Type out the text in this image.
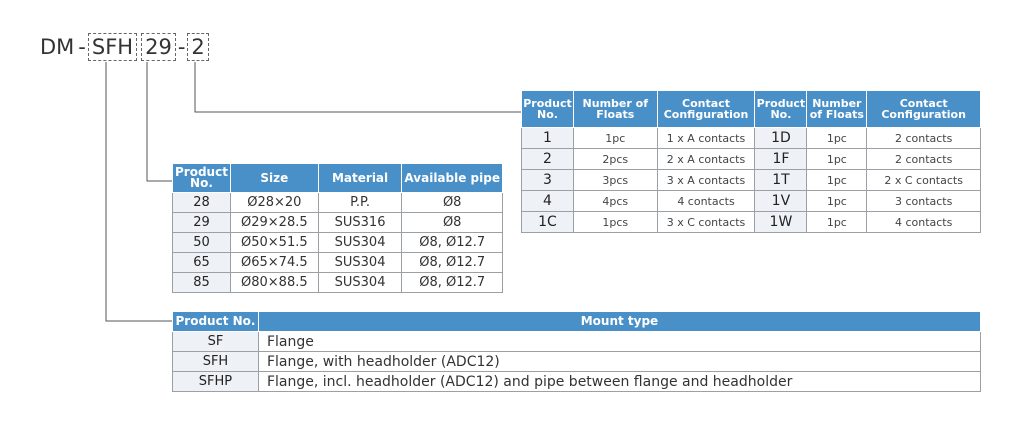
DM - SFH 29 - 2
Product No.	Size	Material	Available pipe
28	Ø28×20	P.P.	Ø8
29	Ø29×28.5	SUS316	Ø8
50	Ø50×51.5	SUS304	Ø8, Ø12.7
65	Ø65×74.5	SUS304	Ø8, Ø12.7
85	Ø80×88.5	SUS304	Ø8, Ø12.7
Product No.	Number of Floats	Contact Configuration	Product No.	Number of Floats	Contact Configuration
1	1pc	1 x A contacts	1D	1pc	2 contacts
2	2pcs	2 x A contacts	1F	1pc	2 contacts
3	3pcs	3 x A contacts	1T	1pc	2 x C contacts
4	4pcs	4 contacts	1V	1pc	3 contacts
1C	1pcs	3 x C contacts	1W	1pc	4 contacts
Product No.	Mount type
SF	Flange
SFH	Flange, with headholder (ADC12)
SFHP	Flange, incl. headholder (ADC12) and pipe between flange and headholder
